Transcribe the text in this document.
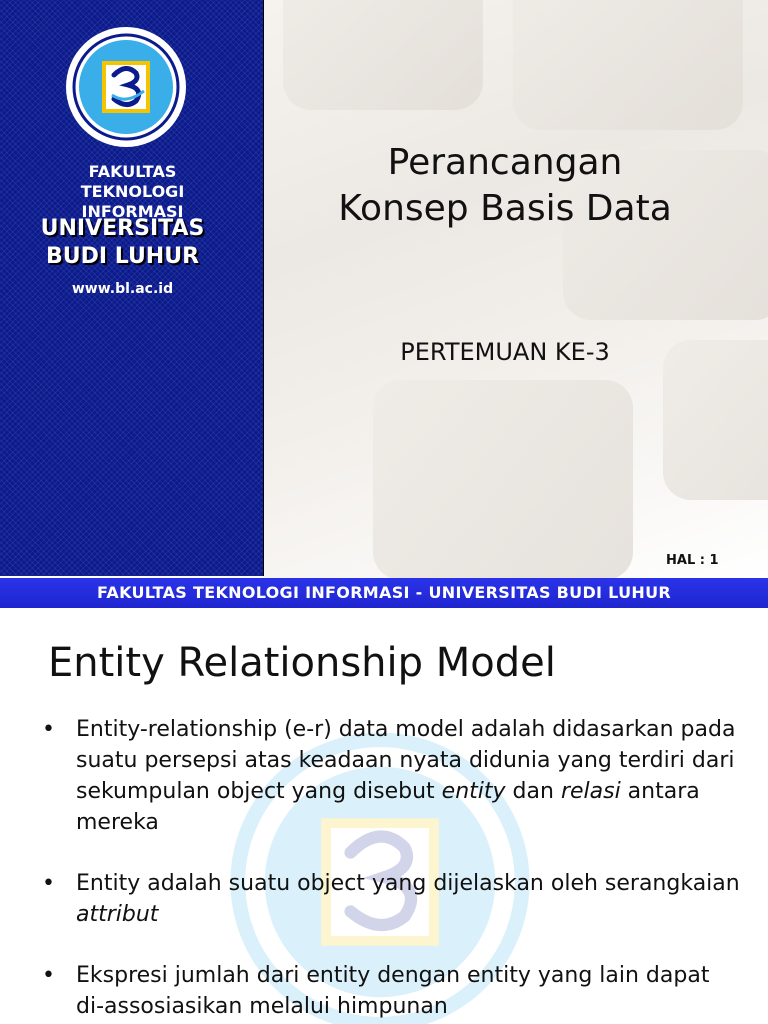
FAKULTAS TEKNOLOGI INFORMASI
UNIVERSITAS
BUDI LUHUR
www.bl.ac.id
Perancangan
Konsep Basis Data
PERTEMUAN KE-3
HAL : 1
FAKULTAS TEKNOLOGI INFORMASI - UNIVERSITAS BUDI LUHUR
Entity Relationship Model
• Entity-relationship (e-r) data model adalah didasarkan pada suatu persepsi atas keadaan nyata didunia yang terdiri dari sekumpulan object yang disebut entity dan relasi antara mereka
• Entity adalah suatu object yang dijelaskan oleh serangkaian attribut
• Ekspresi jumlah dari entity dengan entity yang lain dapat di-assosiasikan melalui himpunan
